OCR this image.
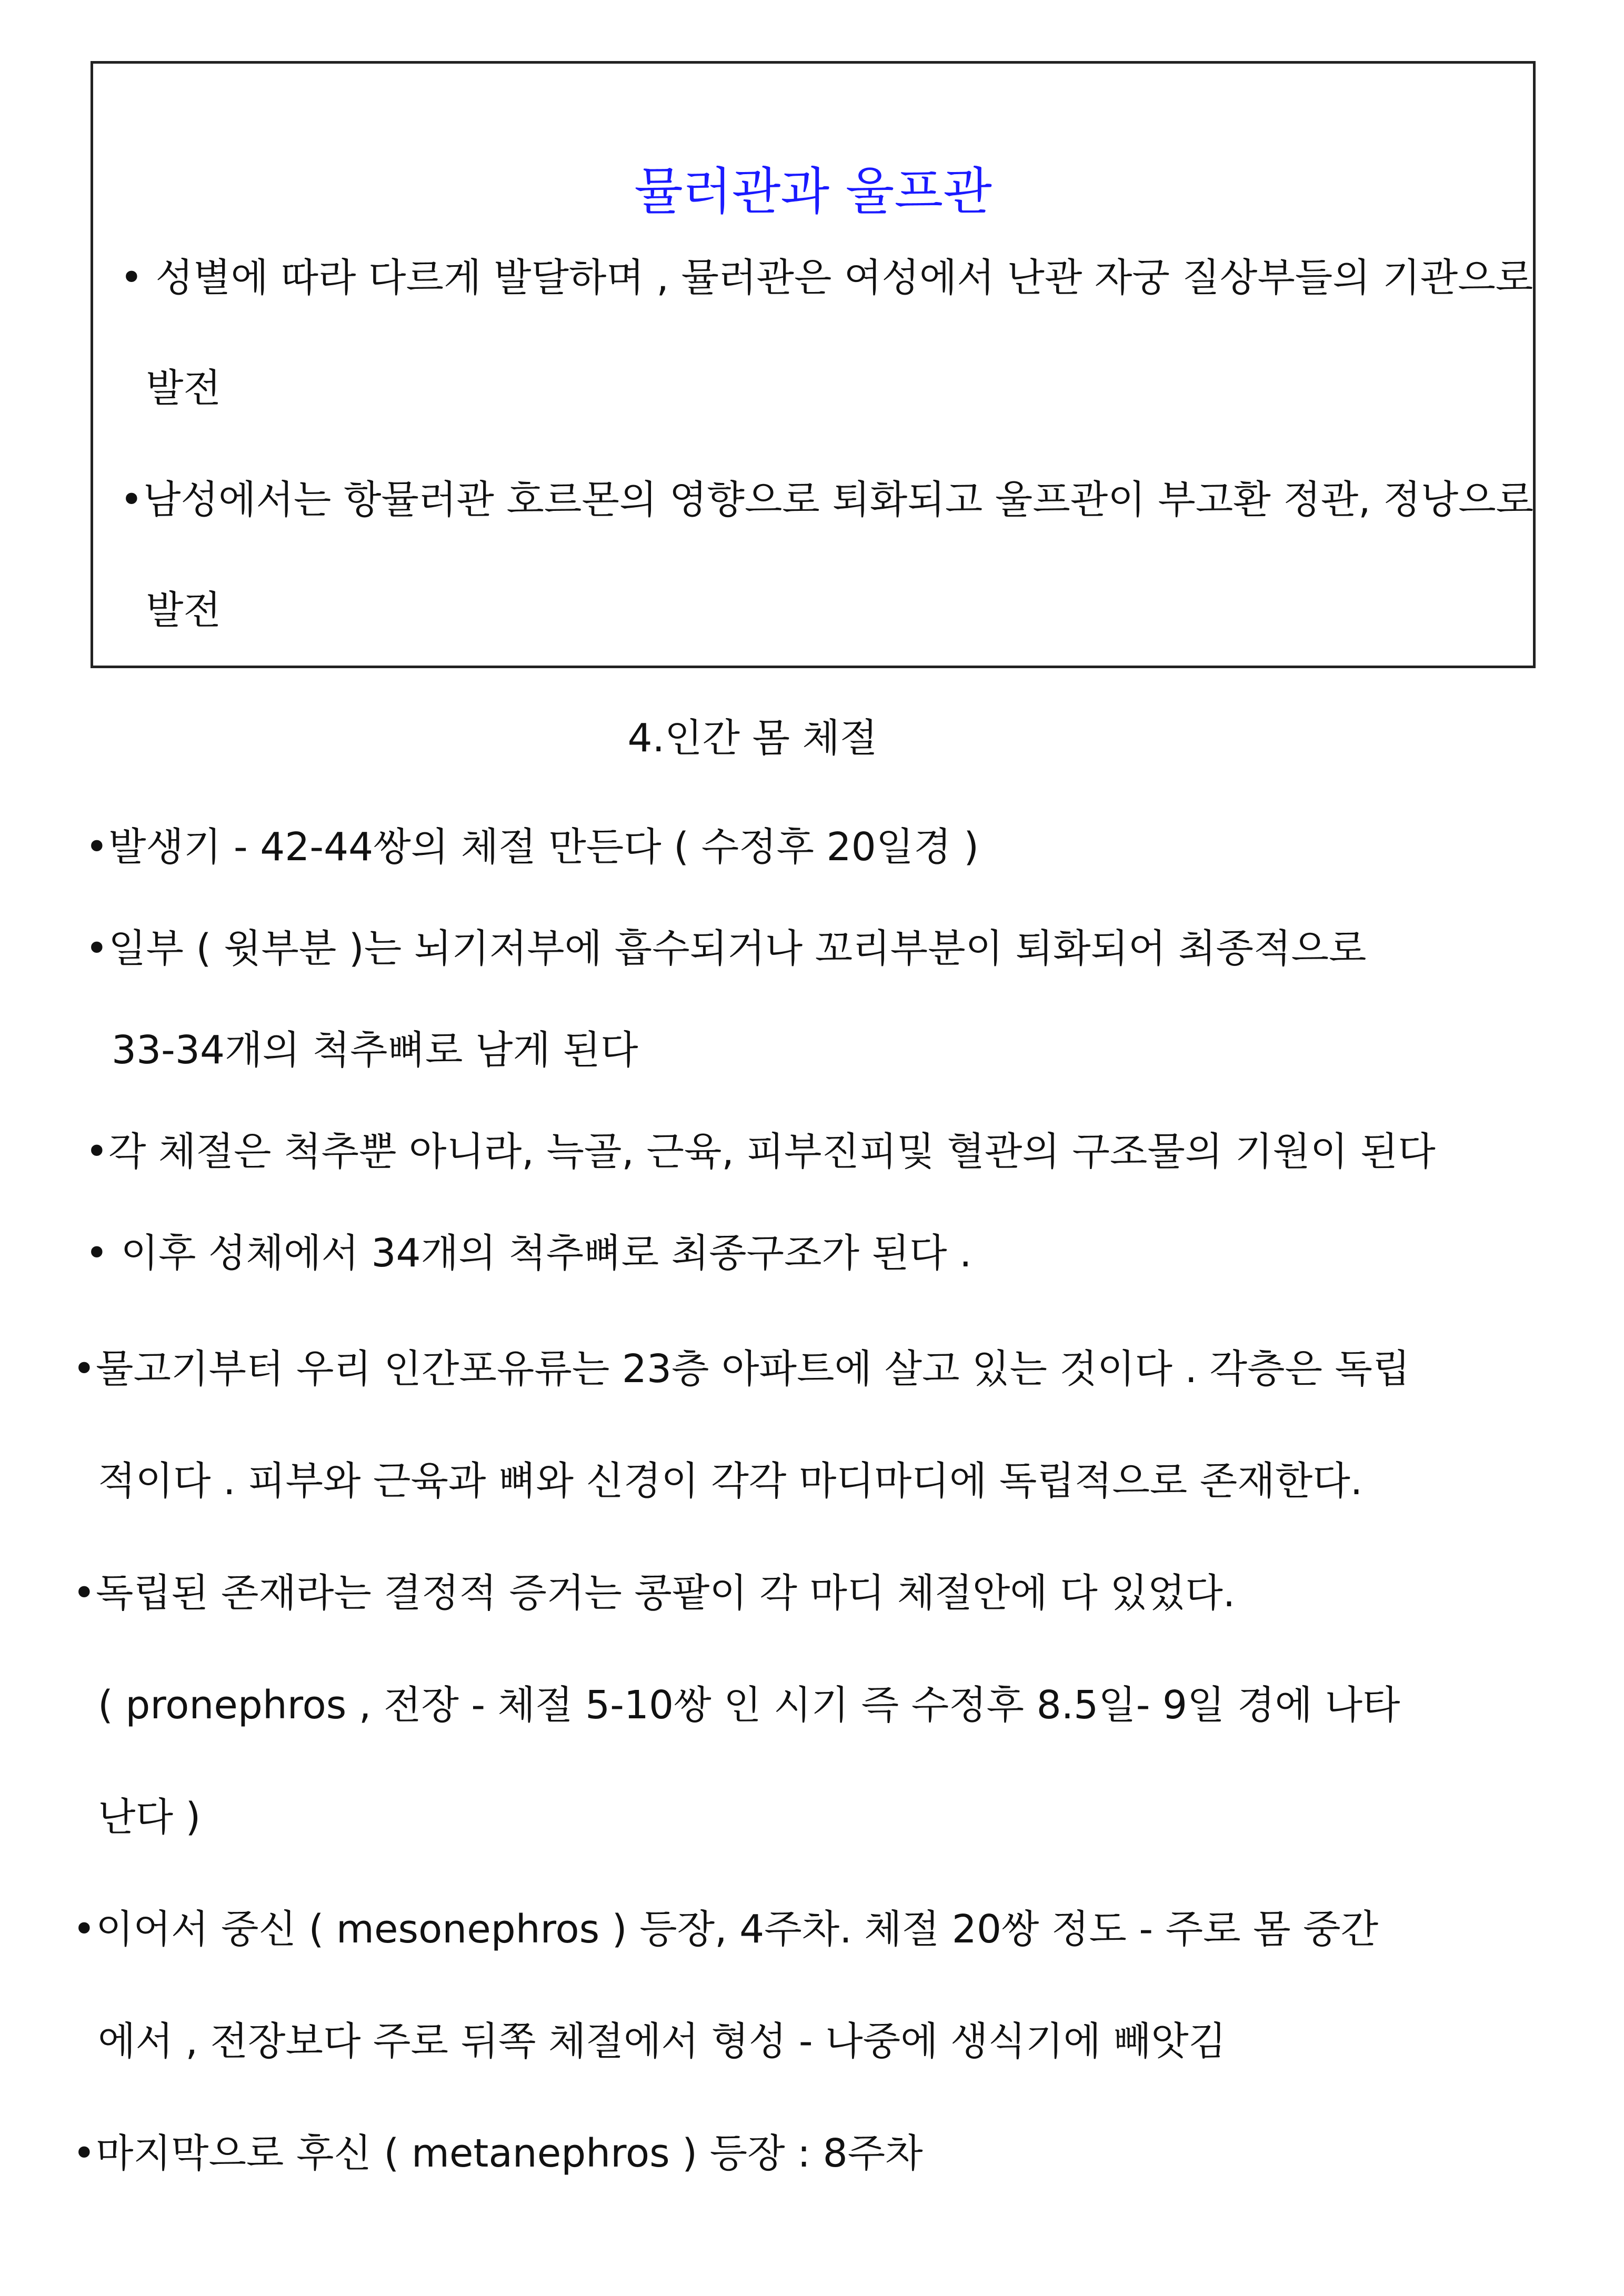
뮬러관과 울프관
• 성별에 따라 다르게 발달하며 , 뮬러관은 여성에서 난관 자궁 질상부들의 기관으로
발전
•남성에서는 항뮬러관 호르몬의 영향으로 퇴화되고 울프관이 부고환 정관, 정낭으로
발전
4.인간 몸 체절
•발생기 - 42-44쌍의 체절 만든다 ( 수정후 20일경 )
•일부 ( 윗부분 )는 뇌기저부에 흡수되거나 꼬리부분이 퇴화되어 최종적으로
33-34개의 척추뼈로 남게 된다
•각 체절은 척추뿐 아니라, 늑골, 근육, 피부진피및 혈관의 구조물의 기원이 된다
• 이후 성체에서 34개의 척추뼈로 최종구조가 된다 .
•물고기부터 우리 인간포유류는 23층 아파트에 살고 있는 것이다 . 각층은 독립
적이다 . 피부와 근육과 뼈와 신경이 각각 마디마디에 독립적으로 존재한다.
•독립된 존재라는 결정적 증거는 콩팥이 각 마디 체절안에 다 있었다.
( pronephros , 전장 - 체절 5-10쌍 인 시기 즉 수정후 8.5일- 9일 경에 나타
난다 )
•이어서 중신 ( mesonephros ) 등장, 4주차. 체절 20쌍 정도 - 주로 몸 중간
에서 , 전장보다 주로 뒤쪽 체절에서 형성 - 나중에 생식기에 빼앗김
•마지막으로 후신 ( metanephros ) 등장 : 8주차
